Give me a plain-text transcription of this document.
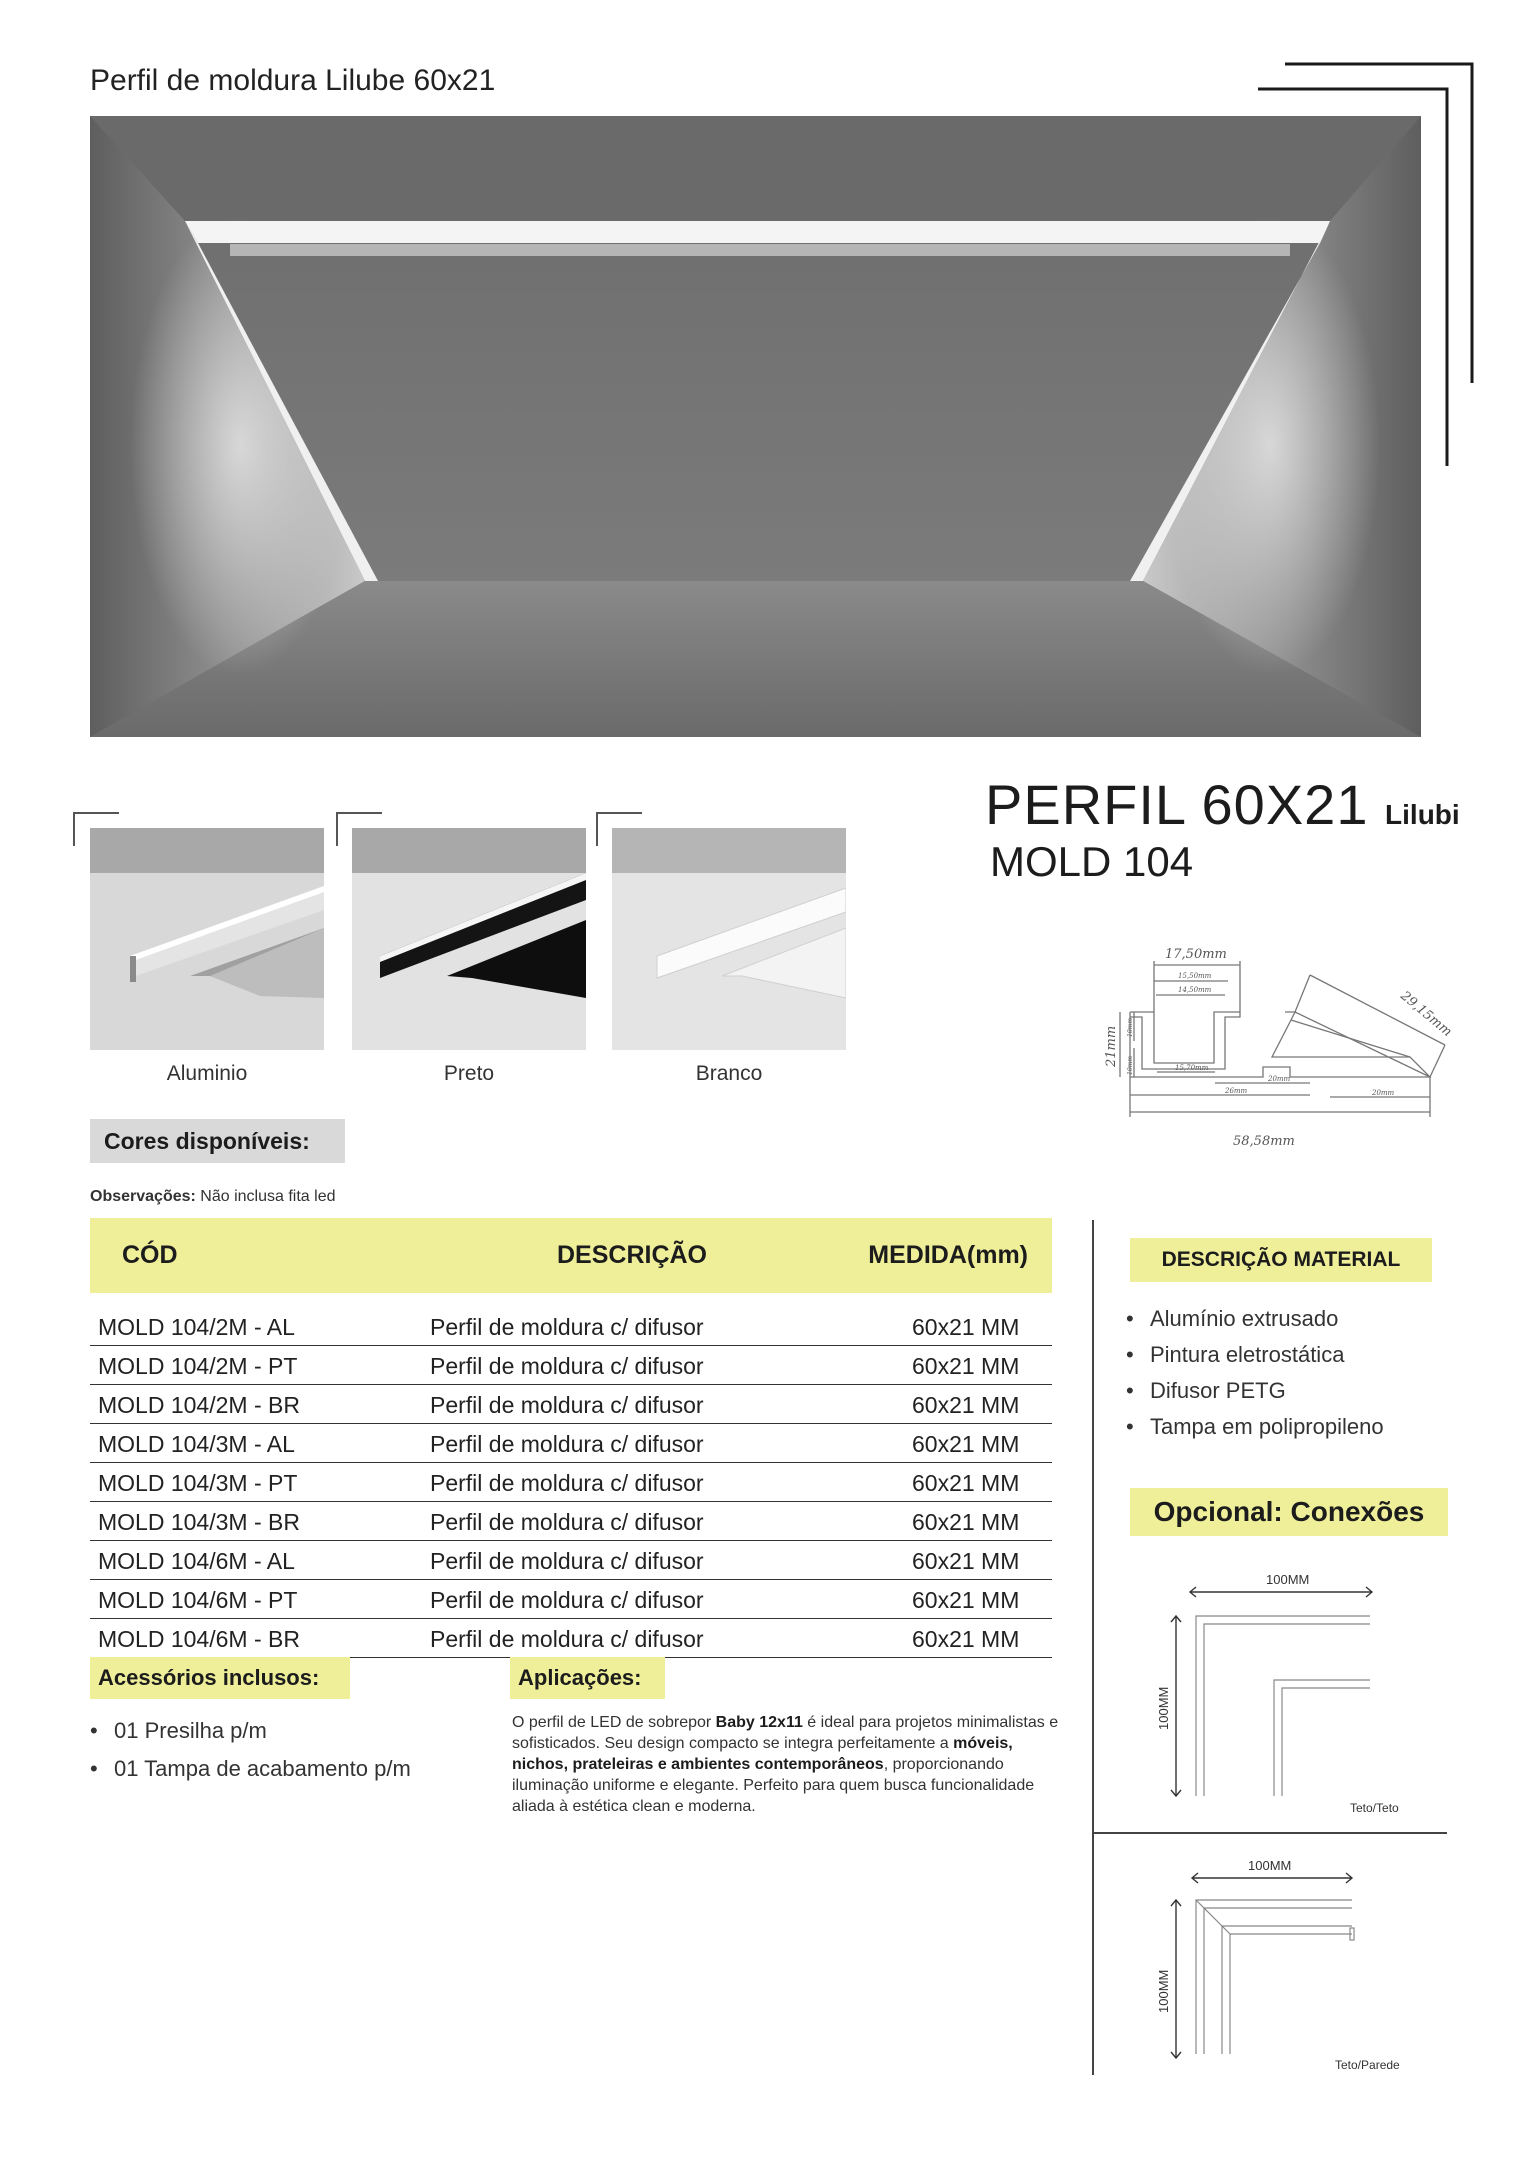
Perfil de moldura Lilube 60x21
Aluminio	Preto	Branco
Cores disponíveis:
Observações: Não inclusa fita led
PERFIL 60X21 Lilubi
MOLD 104
17,50mm
15,50mm
14,50mm	29,15mm
21mm 10mm
10mm	15,70mm
20mm
26mm	20mm
58,58mm
CÓD	DESCRIÇÃO	MEDIDA(mm)

MOLD 104/2M - AL	Perfil de moldura c/ difusor	60x21 MM
MOLD 104/2M - PT	Perfil de moldura c/ difusor	60x21 MM
MOLD 104/2M - BR	Perfil de moldura c/ difusor	60x21 MM
MOLD 104/3M - AL	Perfil de moldura c/ difusor	60x21 MM
MOLD 104/3M - PT	Perfil de moldura c/ difusor	60x21 MM
MOLD 104/3M - BR	Perfil de moldura c/ difusor	60x21 MM
MOLD 104/6M - AL	Perfil de moldura c/ difusor	60x21 MM
MOLD 104/6M - PT	Perfil de moldura c/ difusor	60x21 MM
MOLD 104/6M - BR	Perfil de moldura c/ difusor	60x21 MM
Acessórios inclusos:
• 01 Presilha p/m
• 01 Tampa de acabamento p/m
Aplicações:
O perfil de LED de sobrepor Baby 12x11 é ideal para projetos minimalistas e sofisticados. Seu design compacto se integra perfeitamente a móveis, nichos, prateleiras e ambientes contemporâneos, proporcionando iluminação uniforme e elegante. Perfeito para quem busca funcionalidade aliada à estética clean e moderna.
DESCRIÇÃO MATERIAL
• Alumínio extrusado
• Pintura eletrostática
• Difusor PETG
• Tampa em polipropileno
Opcional: Conexões
100MM
100MM
Teto/Teto
100MM
100MM
Teto/Parede
